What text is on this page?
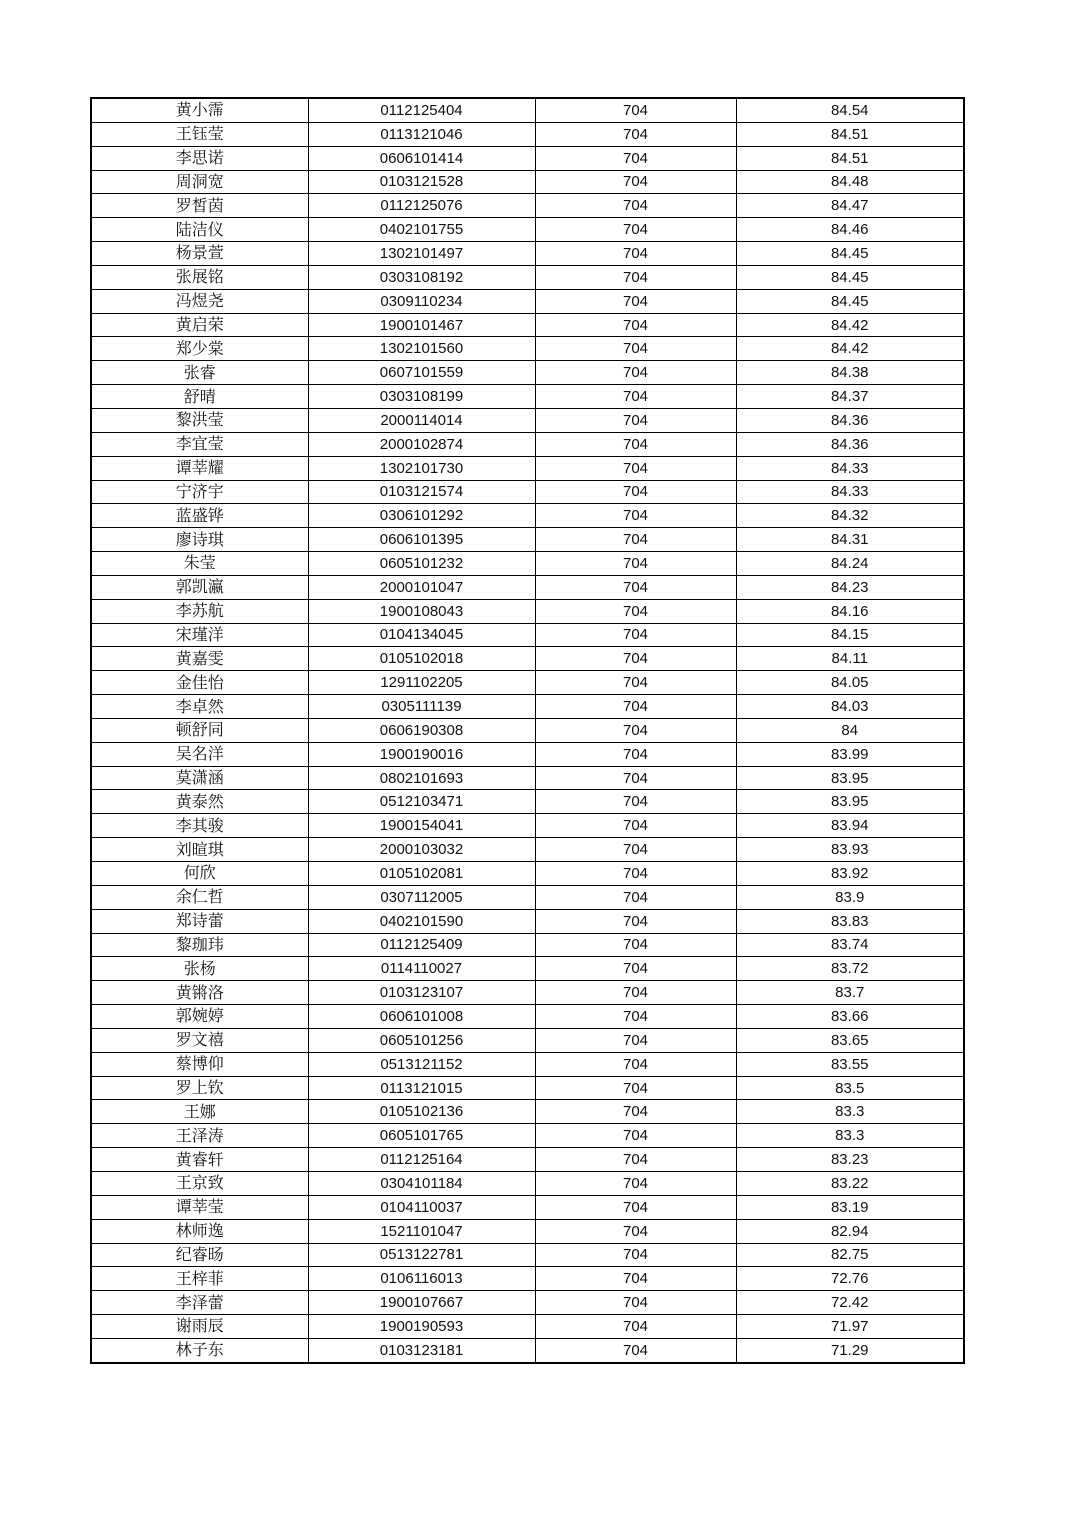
黄小霈	0112125404	704	84.54
王钰莹	0113121046	704	84.51
李思诺	0606101414	704	84.51
周洞宽	0103121528	704	84.48
罗皙茵	0112125076	704	84.47
陆洁仪	0402101755	704	84.46
杨景萱	1302101497	704	84.45
张展铭	0303108192	704	84.45
冯煜尧	0309110234	704	84.45
黄启荣	1900101467	704	84.42
郑少棠	1302101560	704	84.42
张睿	0607101559	704	84.38
舒晴	0303108199	704	84.37
黎洪莹	2000114014	704	84.36
李宜莹	2000102874	704	84.36
谭莘耀	1302101730	704	84.33
宁济宇	0103121574	704	84.33
蓝盛铧	0306101292	704	84.32
廖诗琪	0606101395	704	84.31
朱莹	0605101232	704	84.24
郭凯瀛	2000101047	704	84.23
李苏航	1900108043	704	84.16
宋瑾洋	0104134045	704	84.15
黄嘉雯	0105102018	704	84.11
金佳怡	1291102205	704	84.05
李卓然	0305111139	704	84.03
顿舒同	0606190308	704	84
吴名洋	1900190016	704	83.99
莫潇涵	0802101693	704	83.95
黄泰然	0512103471	704	83.95
李其骏	1900154041	704	83.94
刘暄琪	2000103032	704	83.93
何欣	0105102081	704	83.92
余仁哲	0307112005	704	83.9
郑诗蕾	0402101590	704	83.83
黎珈玮	0112125409	704	83.74
张杨	0114110027	704	83.72
黄锵洛	0103123107	704	83.7
郭婉婷	0606101008	704	83.66
罗文禧	0605101256	704	83.65
蔡博仰	0513121152	704	83.55
罗上钦	0113121015	704	83.5
王娜	0105102136	704	83.3
王泽涛	0605101765	704	83.3
黄睿轩	0112125164	704	83.23
王京致	0304101184	704	83.22
谭莘莹	0104110037	704	83.19
林师逸	1521101047	704	82.94
纪睿旸	0513122781	704	82.75
王梓菲	0106116013	704	72.76
李泽蕾	1900107667	704	72.42
谢雨辰	1900190593	704	71.97
林子东	0103123181	704	71.29
